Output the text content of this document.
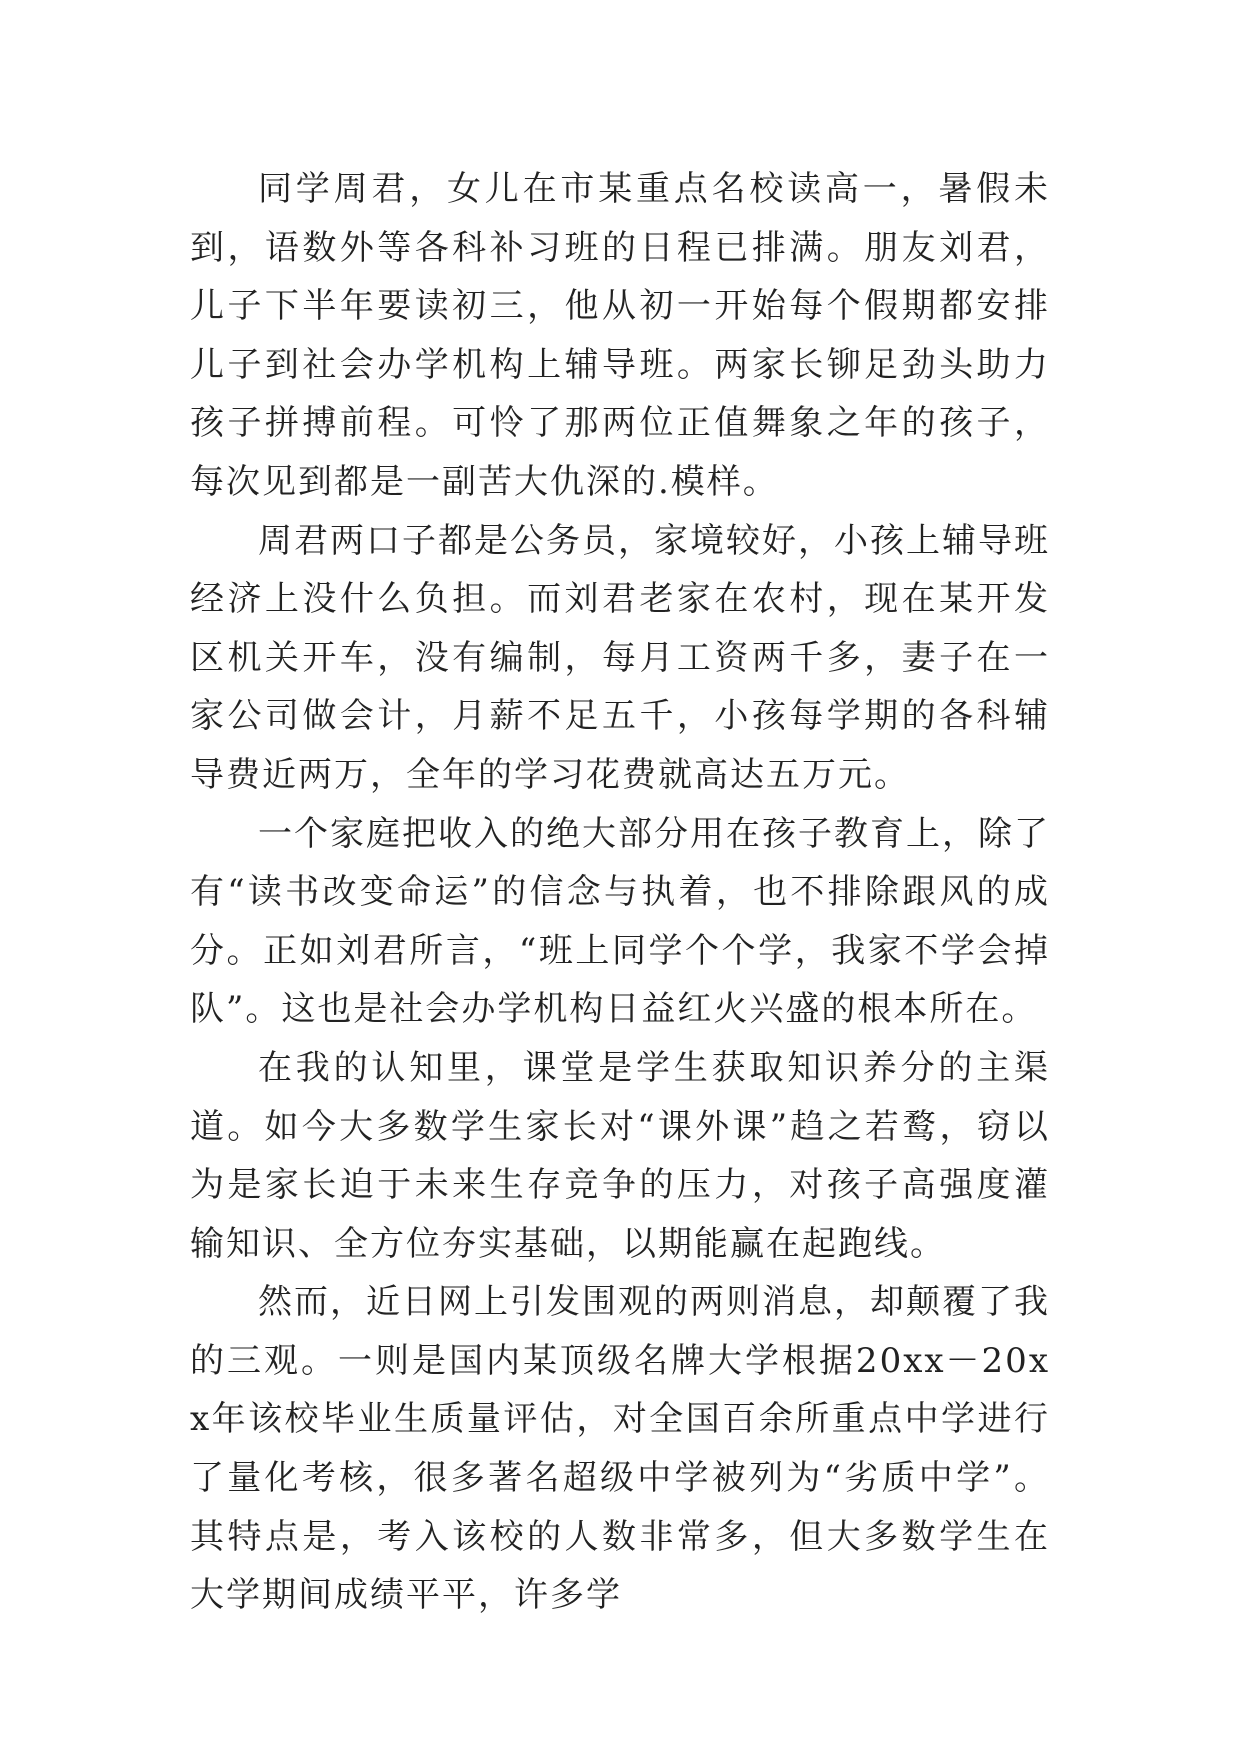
同学周君，女儿在市某重点名校读高一，暑假未到，语数外等各科补习班的日程已排满。朋友刘君，儿子下半年要读初三，他从初一开始每个假期都安排儿子到社会办学机构上辅导班。两家长铆足劲头助力孩子拼搏前程。可怜了那两位正值舞象之年的孩子，每次见到都是一副苦大仇深的.模样。

周君两口子都是公务员，家境较好，小孩上辅导班经济上没什么负担。而刘君老家在农村，现在某开发区机关开车，没有编制，每月工资两千多，妻子在一家公司做会计，月薪不足五千，小孩每学期的各科辅导费近两万，全年的学习花费就高达五万元。

一个家庭把收入的绝大部分用在孩子教育上，除了有“读书改变命运”的信念与执着，也不排除跟风的成分。正如刘君所言，“班上同学个个学，我家不学会掉队”。这也是社会办学机构日益红火兴盛的根本所在。

在我的认知里，课堂是学生获取知识养分的主渠道。如今大多数学生家长对“课外课”趋之若鹜，窃以为是家长迫于未来生存竞争的压力，对孩子高强度灌输知识、全方位夯实基础，以期能赢在起跑线。

然而，近日网上引发围观的两则消息，却颠覆了我的三观。一则是国内某顶级名牌大学根据20xx－20xx年该校毕业生质量评估，对全国百余所重点中学进行了量化考核，很多著名超级中学被列为“劣质中学”。其特点是，考入该校的人数非常多，但大多数学生在大学期间成绩平平，许多学
